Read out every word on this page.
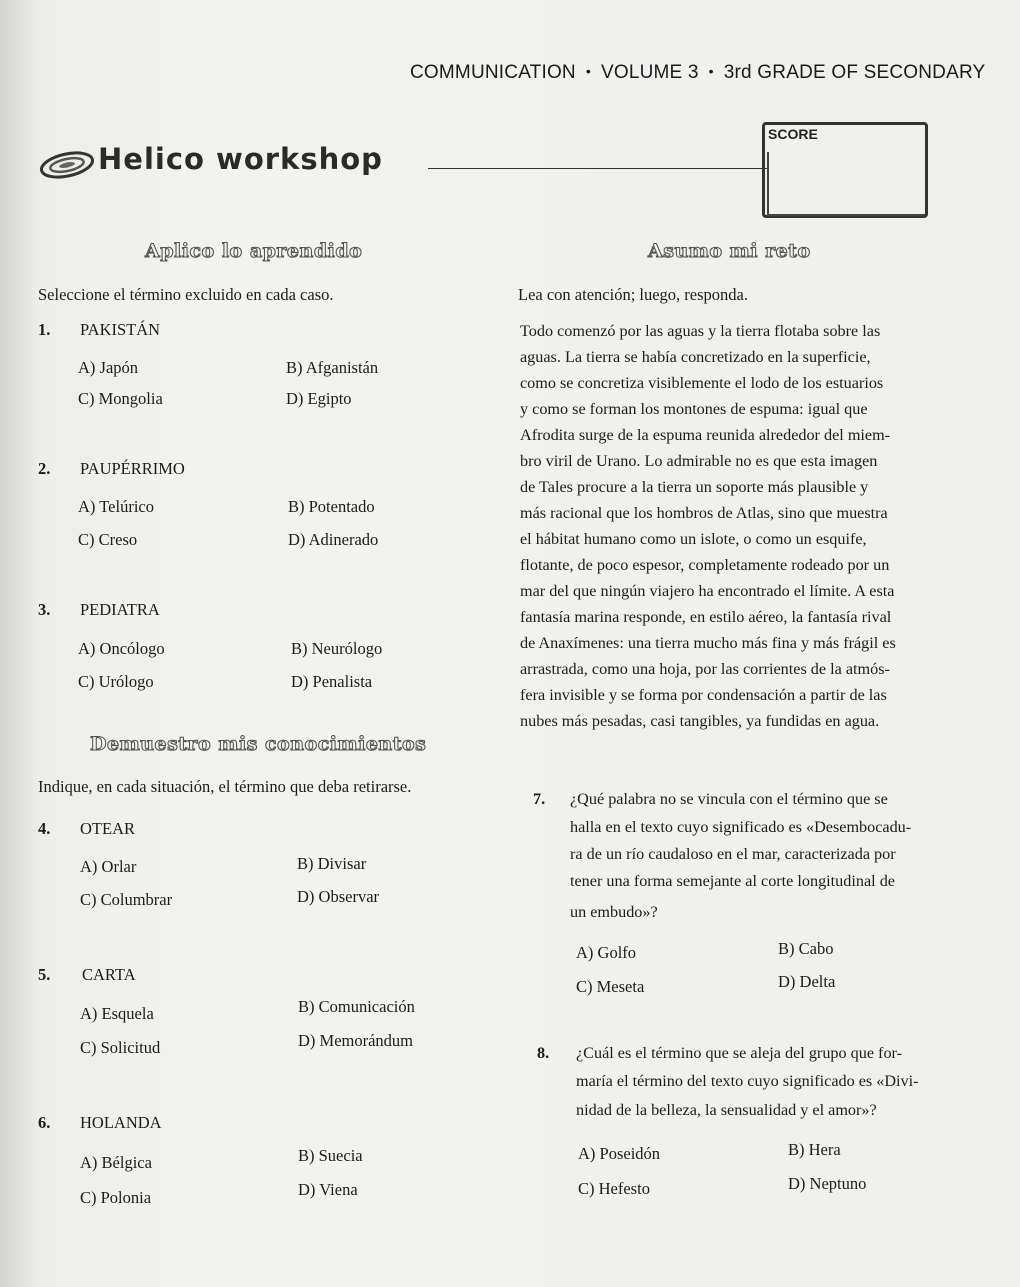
COMMUNICATION • VOLUME 3 • 3rd GRADE OF SECONDARY
Helico workshop
SCORE
Aplico lo aprendido
Seleccione el término excluido en cada caso.
1. PAKISTÁN
A) Japón	B) Afganistán
C) Mongolia	D) Egipto
2. PAUPÉRRIMO
A) Telúrico	B) Potentado
C) Creso	D) Adinerado
3. PEDIATRA
A) Oncólogo	B) Neurólogo
C) Urólogo	D) Penalista
Demuestro mis conocimientos
Indique, en cada situación, el término que deba retirarse.
4. OTEAR
A) Orlar	B) Divisar
C) Columbrar	D) Observar
5. CARTA
A) Esquela	B) Comunicación
C) Solicitud	D) Memorándum
6. HOLANDA
A) Bélgica	B) Suecia
C) Polonia	D) Viena
Asumo mi reto
Lea con atención; luego, responda.
Todo comenzó por las aguas y la tierra flotaba sobre las
aguas. La tierra se había concretizado en la superficie,
como se concretiza visiblemente el lodo de los estuarios
y como se forman los montones de espuma: igual que
Afrodita surge de la espuma reunida alrededor del miem-
bro viril de Urano. Lo admirable no es que esta imagen
de Tales procure a la tierra un soporte más plausible y
más racional que los hombros de Atlas, sino que muestra
el hábitat humano como un islote, o como un esquife,
flotante, de poco espesor, completamente rodeado por un
mar del que ningún viajero ha encontrado el límite. A esta
fantasía marina responde, en estilo aéreo, la fantasía rival
de Anaxímenes: una tierra mucho más fina y más frágil es
arrastrada, como una hoja, por las corrientes de la atmós-
fera invisible y se forma por condensación a partir de las
nubes más pesadas, casi tangibles, ya fundidas en agua.
7. ¿Qué palabra no se vincula con el término que se
halla en el texto cuyo significado es «Desembocadu-
ra de un río caudaloso en el mar, caracterizada por
tener una forma semejante al corte longitudinal de
un embudo»?
A) Golfo	B) Cabo
C) Meseta	D) Delta
8. ¿Cuál es el término que se aleja del grupo que for-
maría el término del texto cuyo significado es «Divi-
nidad de la belleza, la sensualidad y el amor»?
A) Poseidón	B) Hera
C) Hefesto	D) Neptuno
